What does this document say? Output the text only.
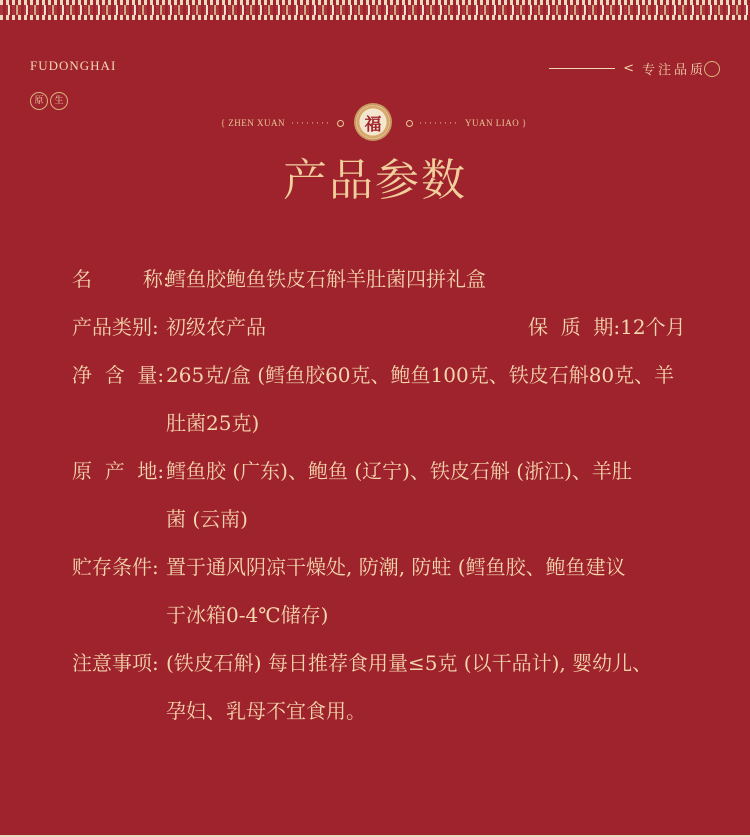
FUDONGHAI
原	生
< 专注品质
{ ZHEN XUAN ········	福	········ YUAN LIAO }
产品参数
名        称:
鳕鱼胶鲍鱼铁皮石斛羊肚菌四拼礼盒
产品类别: 初级农产品	保  质  期: 12个月
净  含  量: 265克/盒 (鳕鱼胶60克、鲍鱼100克、铁皮石斛80克、羊
肚菌25克)
原  产  地: 鳕鱼胶 (广东)、鲍鱼 (辽宁)、铁皮石斛 (浙江)、羊肚
菌 (云南)
贮存条件: 置于通风阴凉干燥处, 防潮, 防蛀 (鳕鱼胶、鲍鱼建议
于冰箱0-4℃储存)
注意事项: (铁皮石斛) 每日推荐食用量≤5克 (以干品计), 婴幼儿、
孕妇、乳母不宜食用。
